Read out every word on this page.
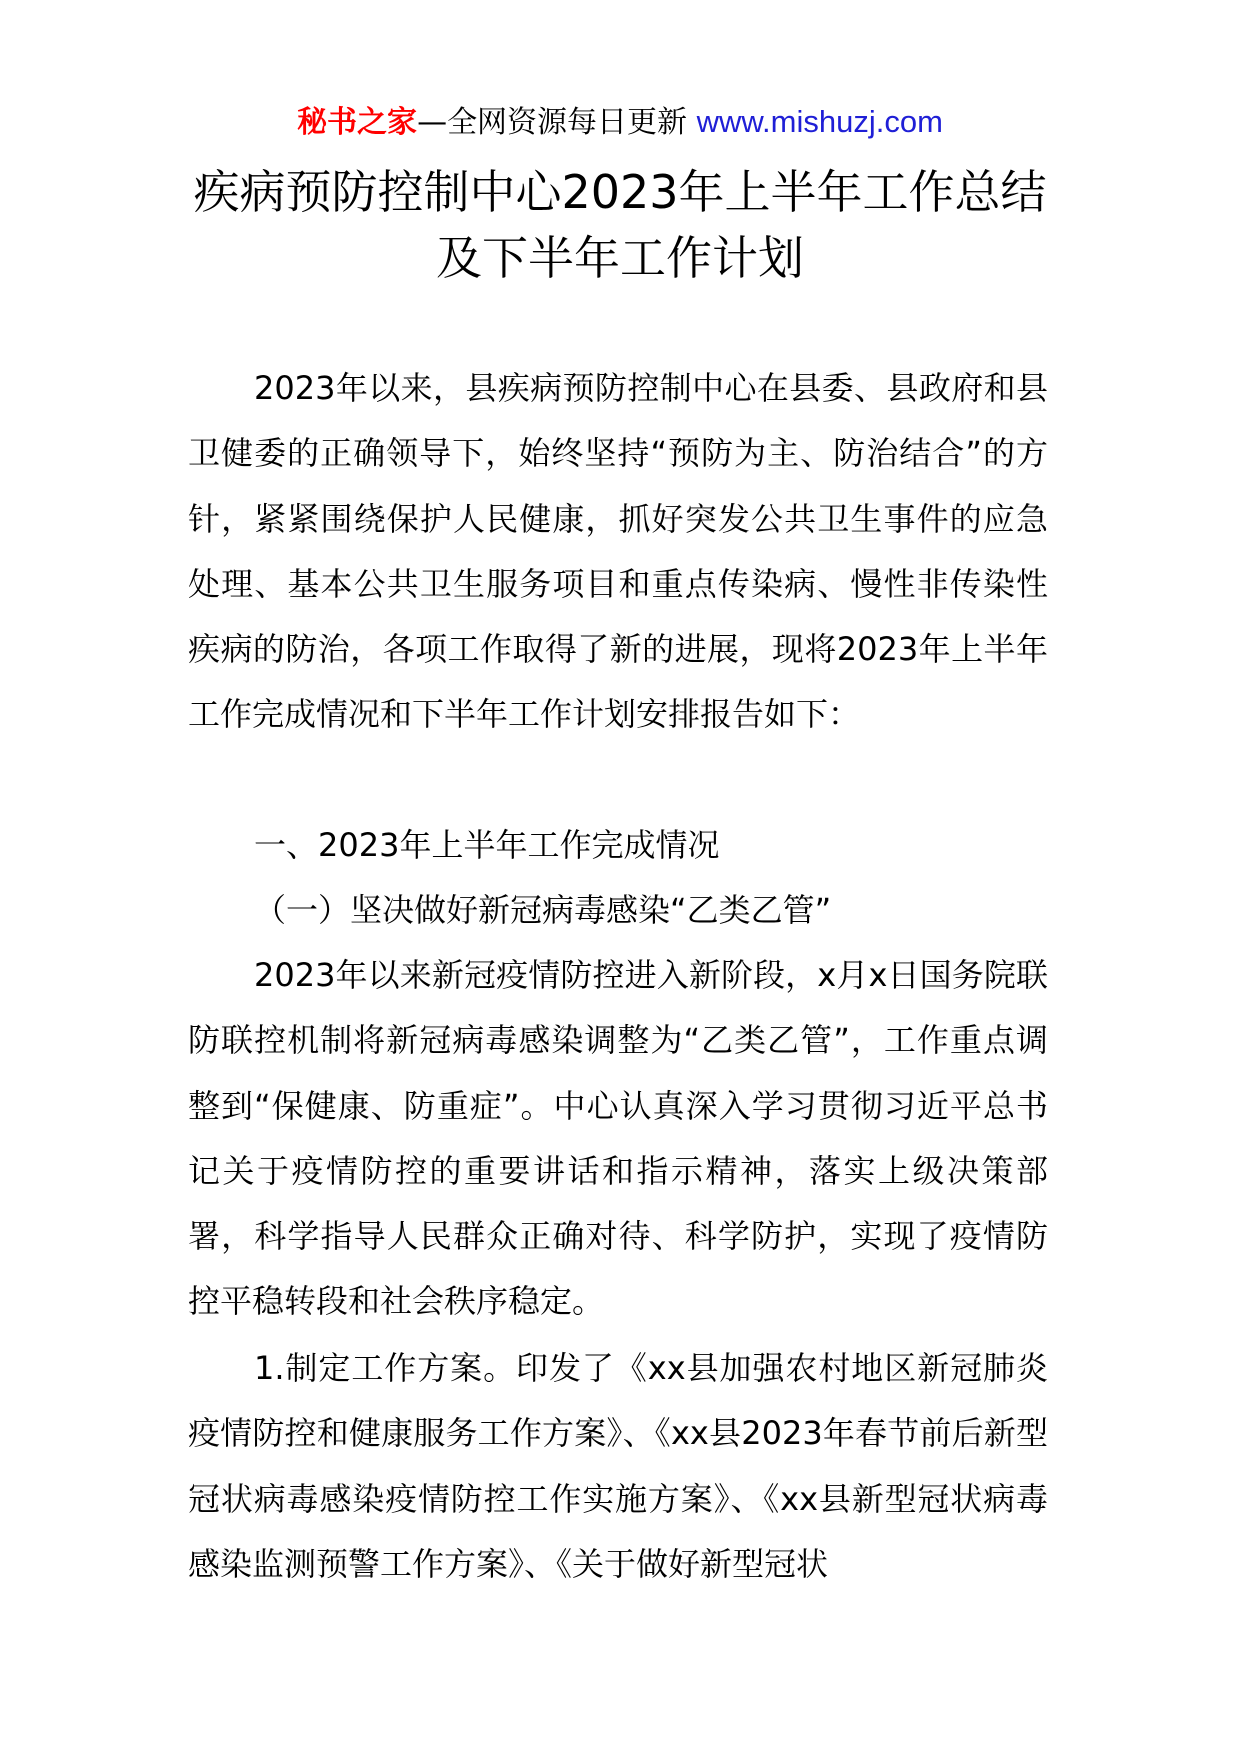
秘书之家—全网资源每日更新 www.mishuzj.com
疾病预防控制中心2023年上半年工作总结
及下半年工作计划

2023年以来，县疾病预防控制中心在县委、县政府和县卫健委的正确领导下，始终坚持“预防为主、防治结合”的方针，紧紧围绕保护人民健康，抓好突发公共卫生事件的应急处理、基本公共卫生服务项目和重点传染病、慢性非传染性疾病的防治，各项工作取得了新的进展，现将2023年上半年工作完成情况和下半年工作计划安排报告如下：

一、2023年上半年工作完成情况

（一）坚决做好新冠病毒感染“乙类乙管”

2023年以来新冠疫情防控进入新阶段，x月x日国务院联防联控机制将新冠病毒感染调整为“乙类乙管”，工作重点调整到“保健康、防重症”。中心认真深入学习贯彻习近平总书记关于疫情防控的重要讲话和指示精神，落实上级决策部署，科学指导人民群众正确对待、科学防护，实现了疫情防控平稳转段和社会秩序稳定。

1.制定工作方案。印发了《xx县加强农村地区新冠肺炎疫情防控和健康服务工作方案》、《xx县2023年春节前后新型冠状病毒感染疫情防控工作实施方案》、《xx县新型冠状病毒感染监测预警工作方案》、《关于做好新型冠状
